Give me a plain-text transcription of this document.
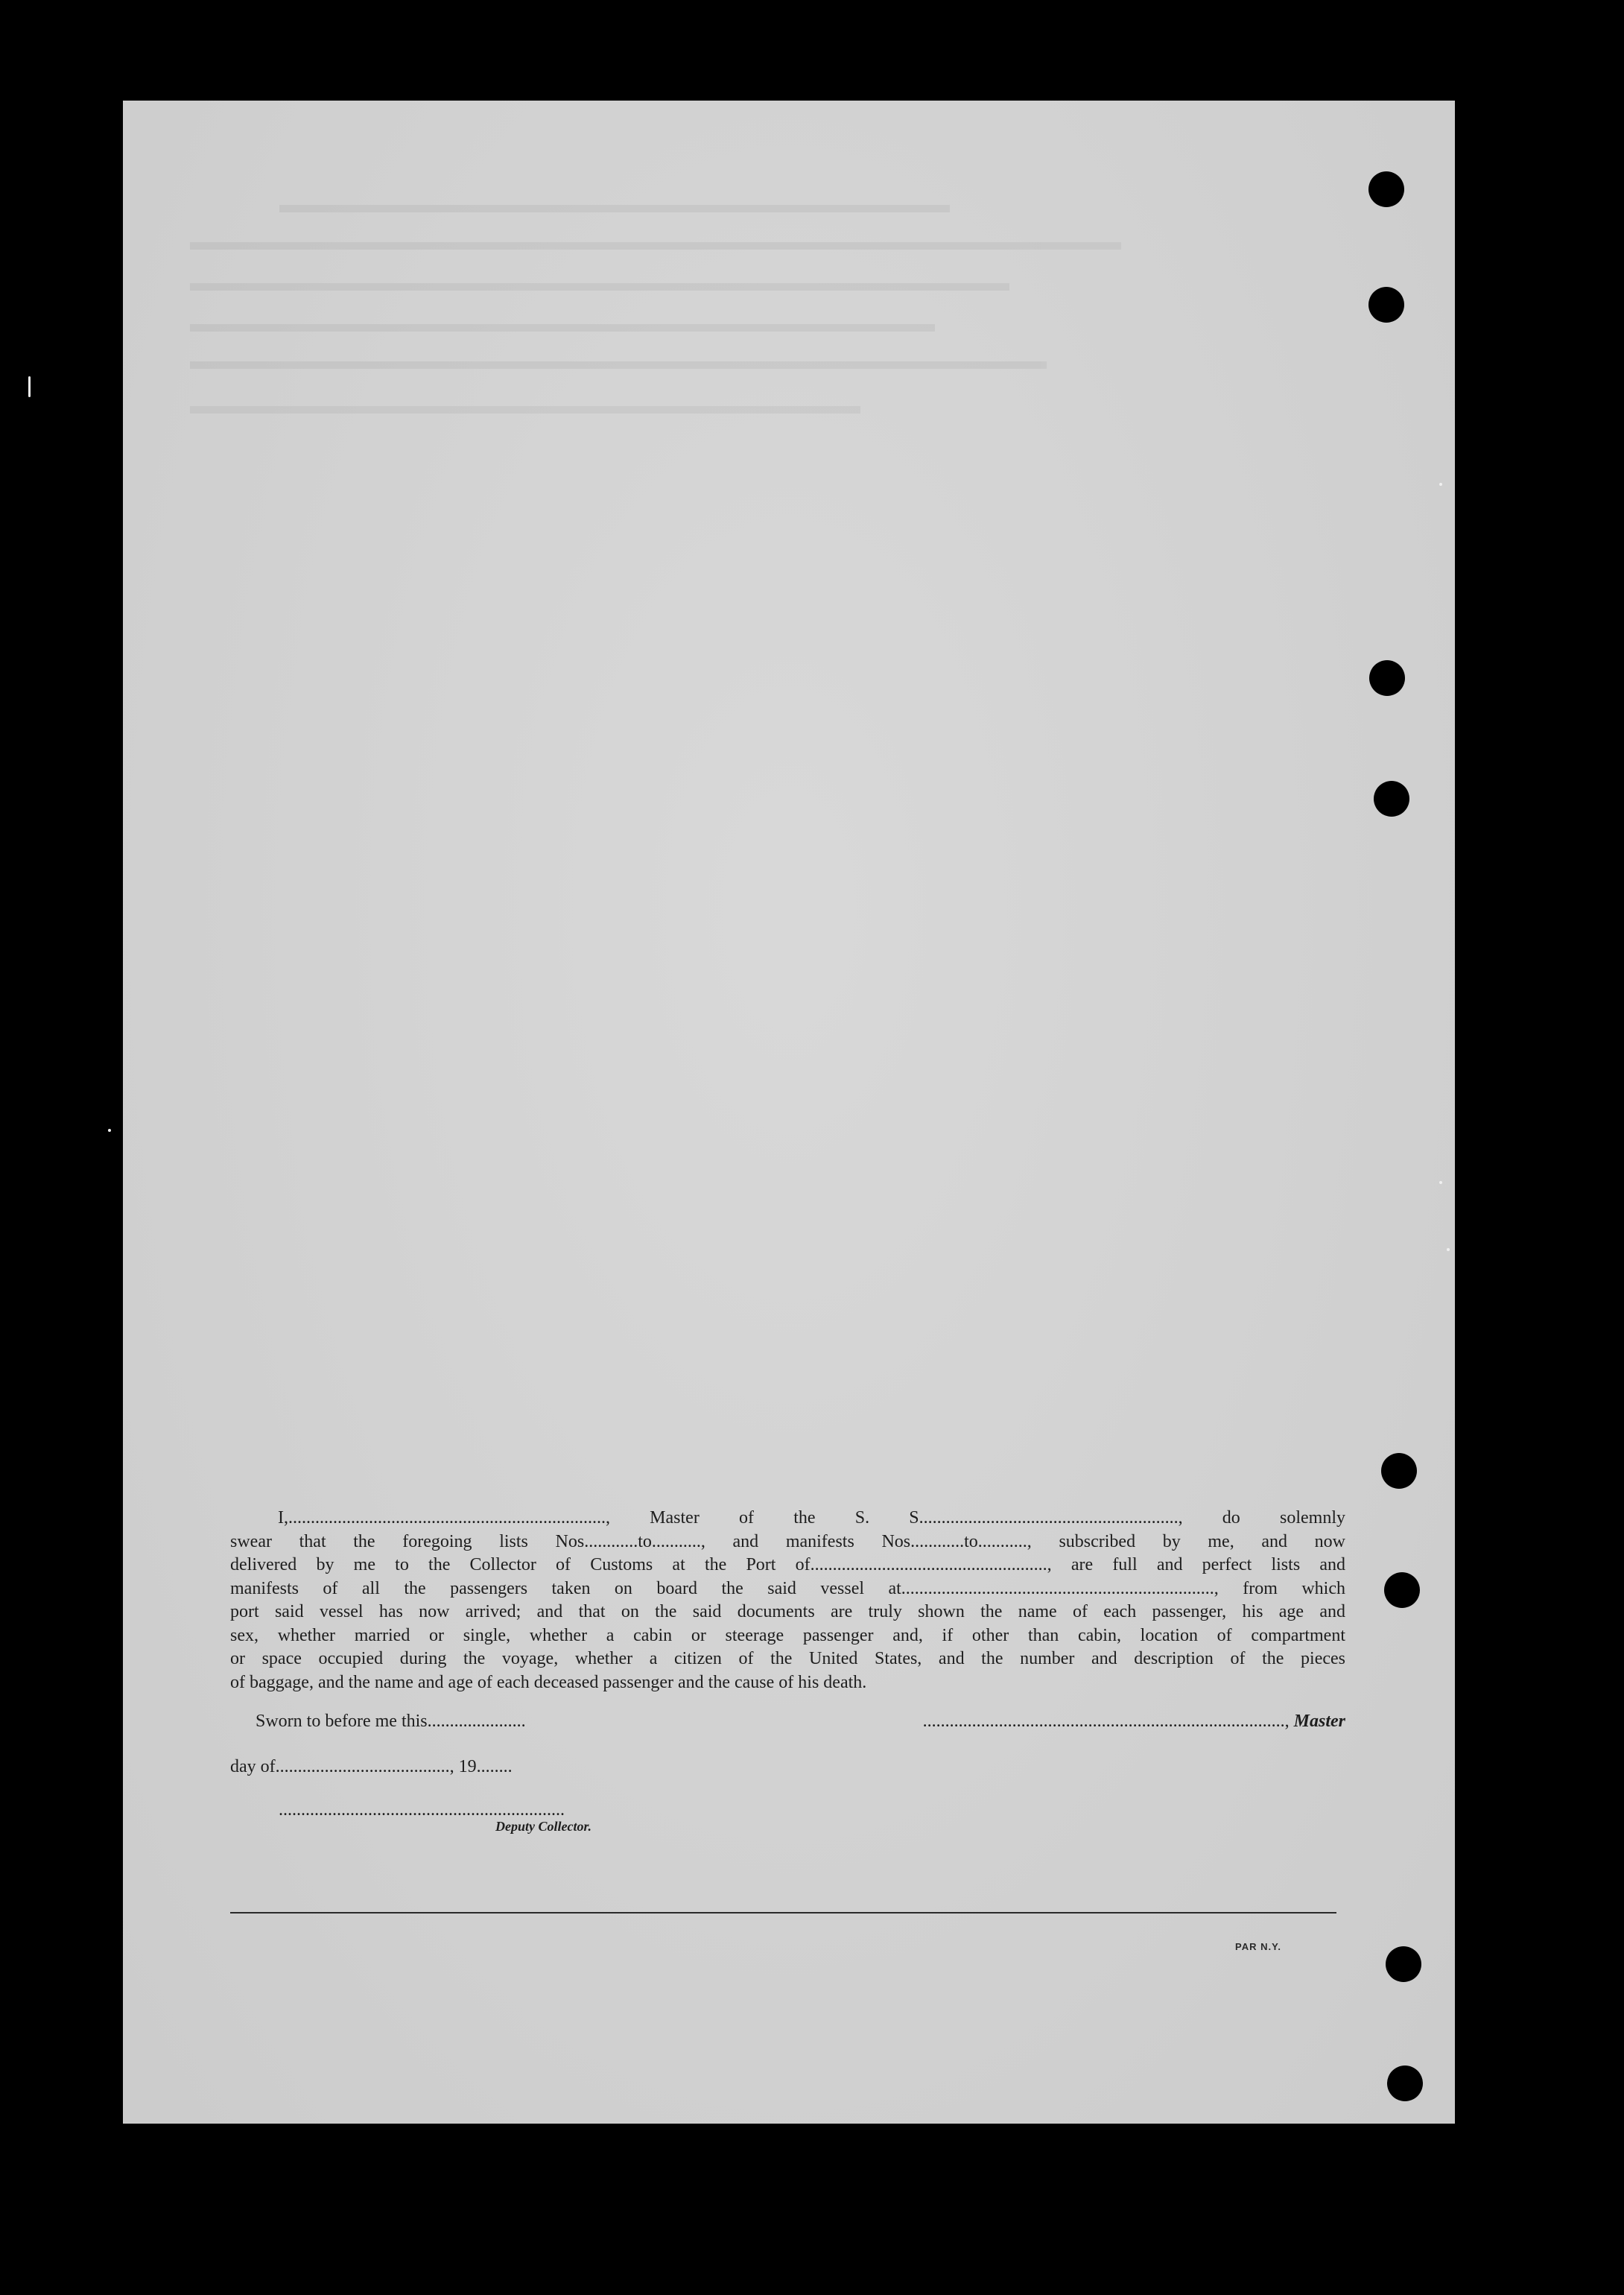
I,......................................................................., Master of the S. S.........................................................., do solemnly
swear that the foregoing lists Nos............to..........., and manifests Nos............to..........., subscribed by me, and now
delivered by me to the Collector of Customs at the Port of....................................................., are full and perfect lists and
manifests of all the passengers taken on board the said vessel at......................................................................, from which
port said vessel has now arrived; and that on the said documents are truly shown the name of each passenger, his age and
sex, whether married or single, whether a cabin or steerage passenger and, if other than cabin, location of compartment
or space occupied during the voyage, whether a citizen of the United States, and the number and description of the pieces
of baggage, and the name and age of each deceased passenger and the cause of his death.
Sworn to before me this......................	................................................................................., Master
day of......................................., 19........
................................................................
Deputy Collector.
PAR N.Y.
